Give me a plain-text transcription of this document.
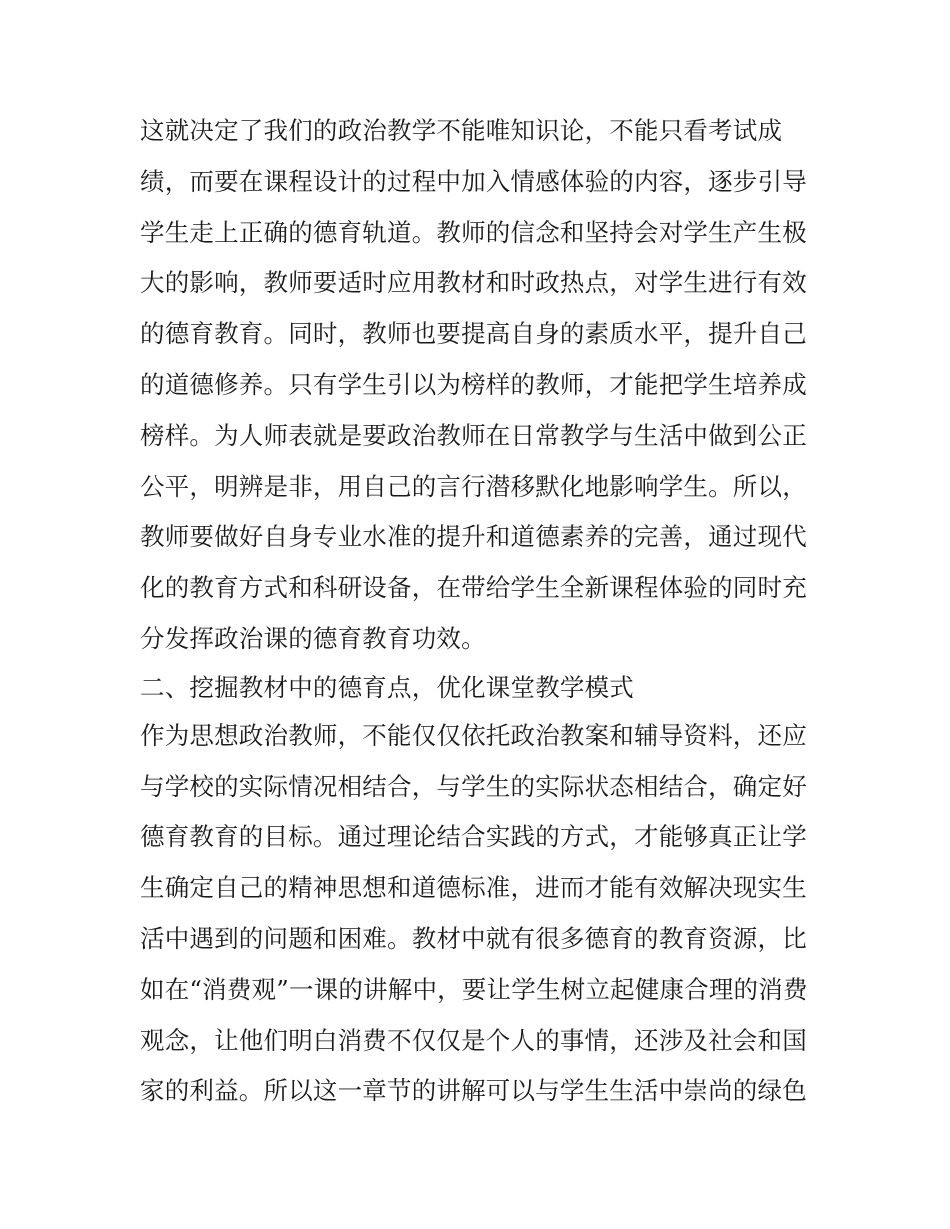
这就决定了我们的政治教学不能唯知识论，不能只看考试成
绩，而要在课程设计的过程中加入情感体验的内容，逐步引导
学生走上正确的德育轨道。教师的信念和坚持会对学生产生极
大的影响，教师要适时应用教材和时政热点，对学生进行有效
的德育教育。同时，教师也要提高自身的素质水平，提升自己
的道德修养。只有学生引以为榜样的教师，才能把学生培养成
榜样。为人师表就是要政治教师在日常教学与生活中做到公正
公平，明辨是非，用自己的言行潜移默化地影响学生。所以，
教师要做好自身专业水准的提升和道德素养的完善，通过现代
化的教育方式和科研设备，在带给学生全新课程体验的同时充
分发挥政治课的德育教育功效。
二、挖掘教材中的德育点，优化课堂教学模式
作为思想政治教师，不能仅仅依托政治教案和辅导资料，还应
与学校的实际情况相结合，与学生的实际状态相结合，确定好
德育教育的目标。通过理论结合实践的方式，才能够真正让学
生确定自己的精神思想和道德标准，进而才能有效解决现实生
活中遇到的问题和困难。教材中就有很多德育的教育资源，比
如在“消费观”一课的讲解中，要让学生树立起健康合理的消费
观念，让他们明白消费不仅仅是个人的事情，还涉及社会和国
家的利益。所以这一章节的讲解可以与学生生活中崇尚的绿色
